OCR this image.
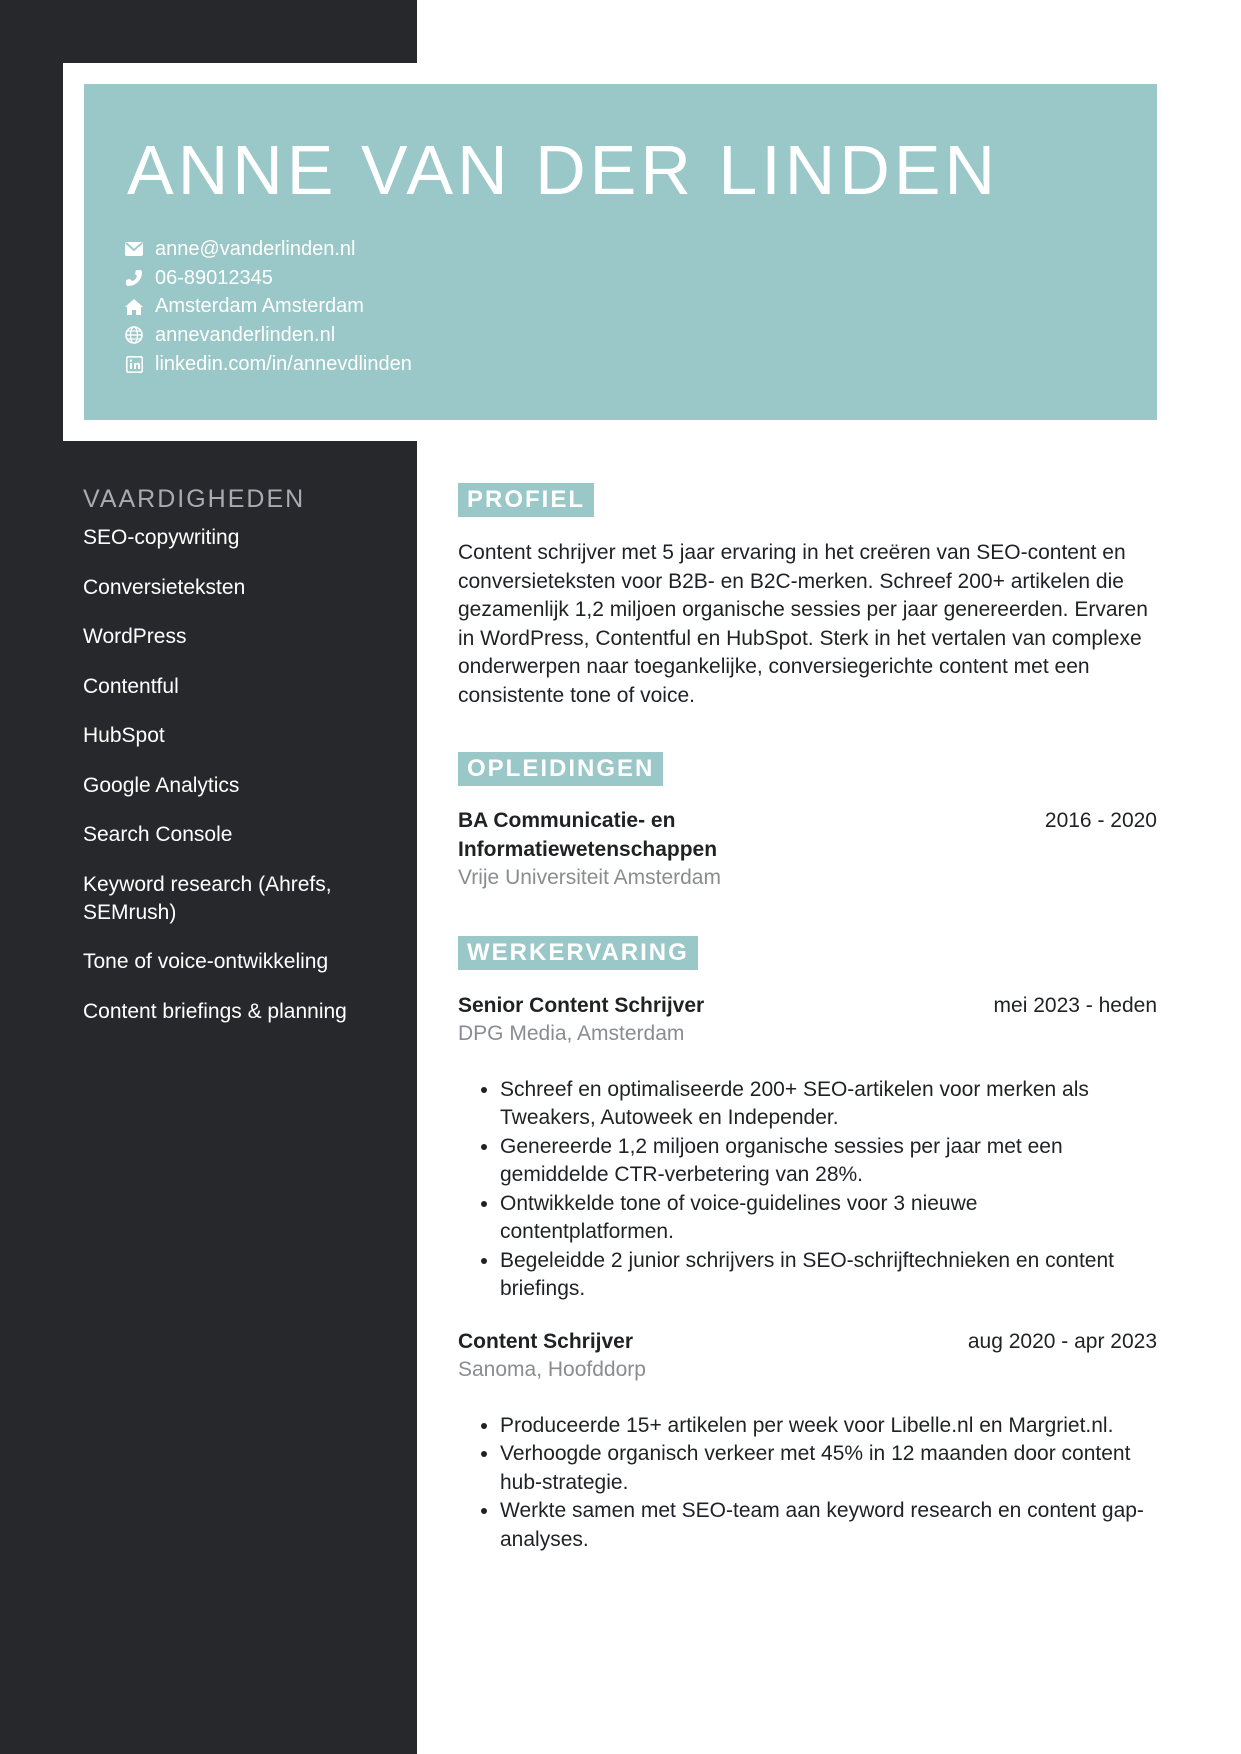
ANNE VAN DER LINDEN
anne@vanderlinden.nl
06-89012345
Amsterdam Amsterdam
annevanderlinden.nl
linkedin.com/in/annevdlinden
VAARDIGHEDEN
SEO-copywriting
Conversieteksten
WordPress
Contentful
HubSpot
Google Analytics
Search Console
Keyword research (Ahrefs, SEMrush)
Tone of voice-ontwikkeling
Content briefings & planning
PROFIEL

Content schrijver met 5 jaar ervaring in het creëren van SEO-content en conversieteksten voor B2B- en B2C-merken. Schreef 200+ artikelen die gezamenlijk 1,2 miljoen organische sessies per jaar genereerden. Ervaren in WordPress, Contentful en HubSpot. Sterk in het vertalen van complexe onderwerpen naar toegankelijke, conversiegerichte content met een consistente tone of voice.

OPLEIDINGEN
BA Communicatie- en Informatiewetenschappen
2016 - 2020
Vrije Universiteit Amsterdam
WERKERVARING
Senior Content Schrijver	mei 2023 - heden
DPG Media, Amsterdam
• Schreef en optimaliseerde 200+ SEO-artikelen voor merken als Tweakers, Autoweek en Independer.
• Genereerde 1,2 miljoen organische sessies per jaar met een gemiddelde CTR-verbetering van 28%.
• Ontwikkelde tone of voice-guidelines voor 3 nieuwe contentplatformen.
• Begeleidde 2 junior schrijvers in SEO-schrijftechnieken en content briefings.
Content Schrijver	aug 2020 - apr 2023
Sanoma, Hoofddorp
• Produceerde 15+ artikelen per week voor Libelle.nl en Margriet.nl.
• Verhoogde organisch verkeer met 45% in 12 maanden door content hub-strategie.
• Werkte samen met SEO-team aan keyword research en content gap-analyses.
